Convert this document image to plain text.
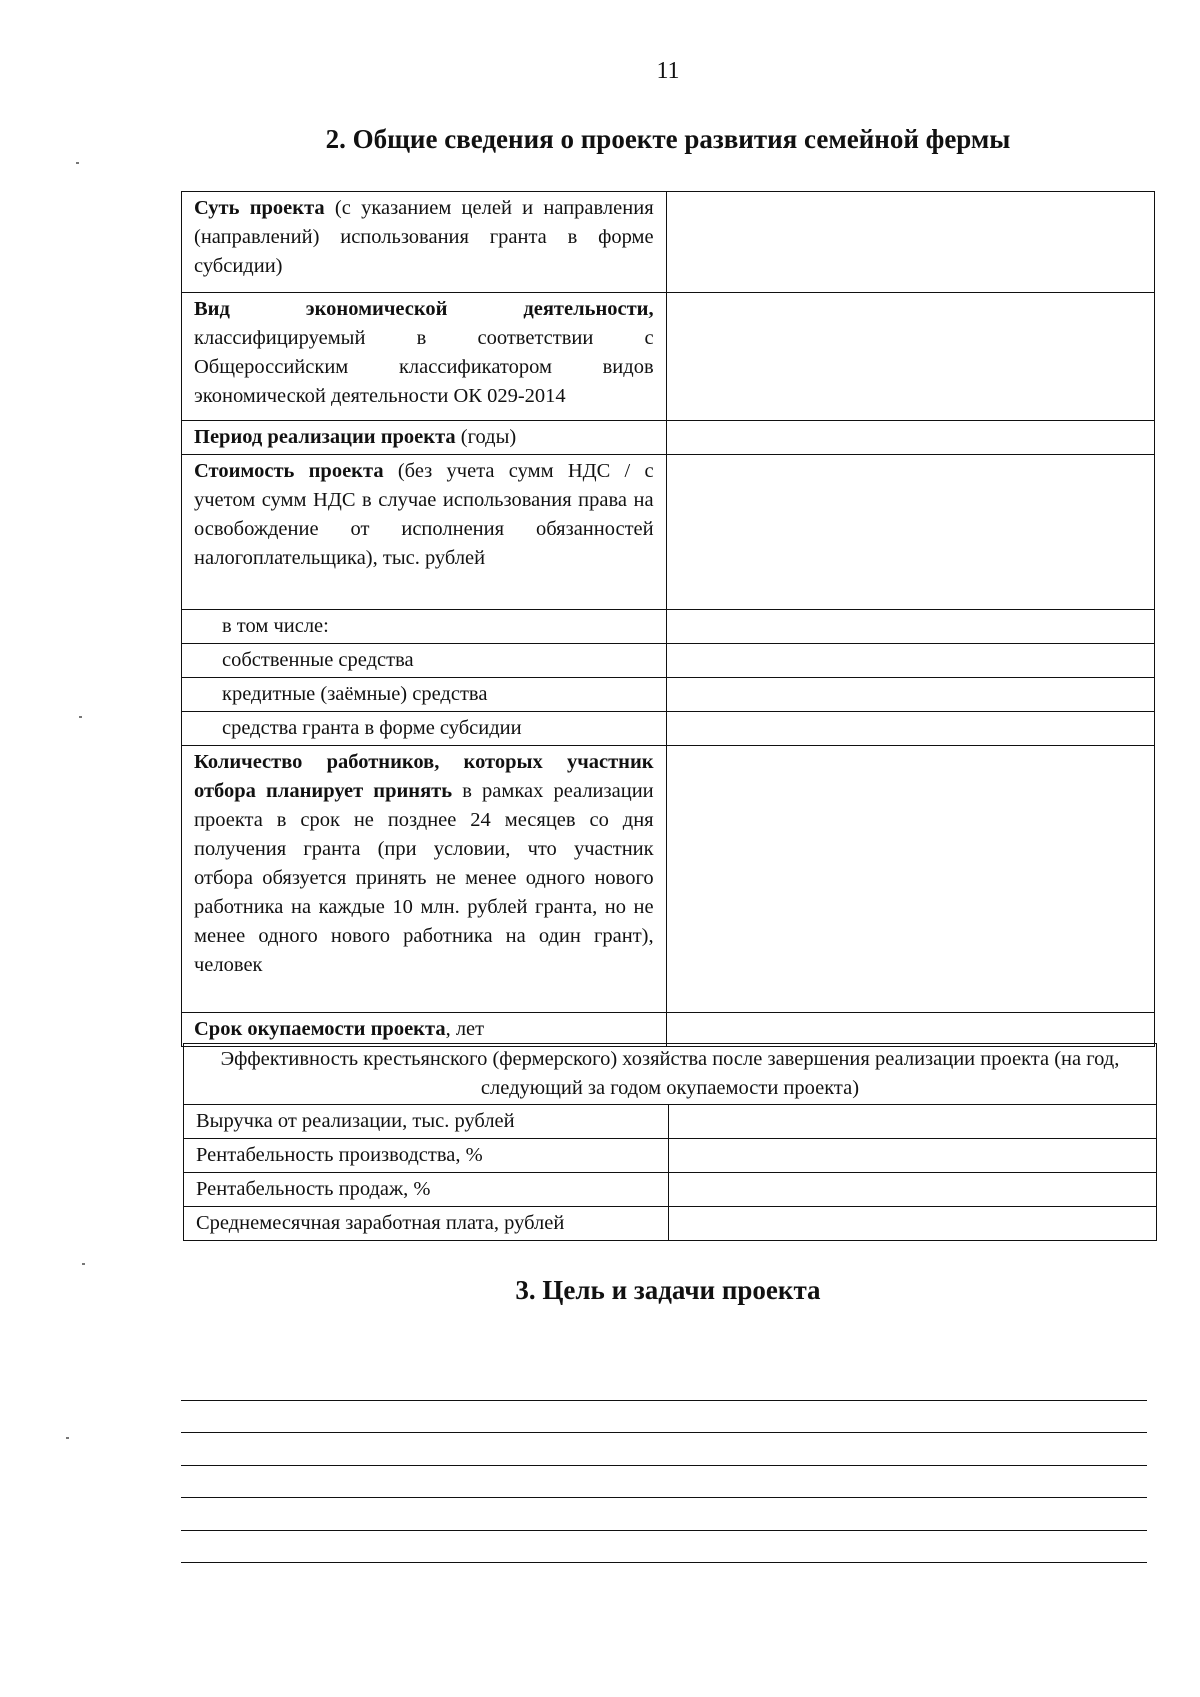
11
2. Общие сведения о проекте развития семейной фермы
Суть проекта (с указанием целей и направления (направлений) использования гранта в форме субсидии)	
Вид экономической деятельности, классифицируемый в соответствии с Общероссийским классификатором видов экономической деятельности ОК 029-2014	
Период реализации проекта (годы)	
Стоимость проекта (без учета сумм НДС / с учетом сумм НДС в случае использования права на освобождение от исполнения обязанностей налогоплательщика), тыс. рублей	
в том числе:	
собственные средства	
кредитные (заёмные) средства	
средства гранта в форме субсидии	
Количество работников, которых участник отбора планирует принять в рамках реализации проекта в срок не позднее 24 месяцев со дня получения гранта (при условии, что участник отбора обязуется принять не менее одного нового работника на каждые 10 млн. рублей гранта, но не менее одного нового работника на один грант), человек	
Срок окупаемости проекта, лет	
Эффективность крестьянского (фермерского) хозяйства после завершения реализации проекта (на год, следующий за годом окупаемости проекта)	
Выручка от реализации, тыс. рублей	
Рентабельность производства, %	
Рентабельность продаж, %	
Среднемесячная заработная плата, рублей	
3. Цель и задачи проекта
